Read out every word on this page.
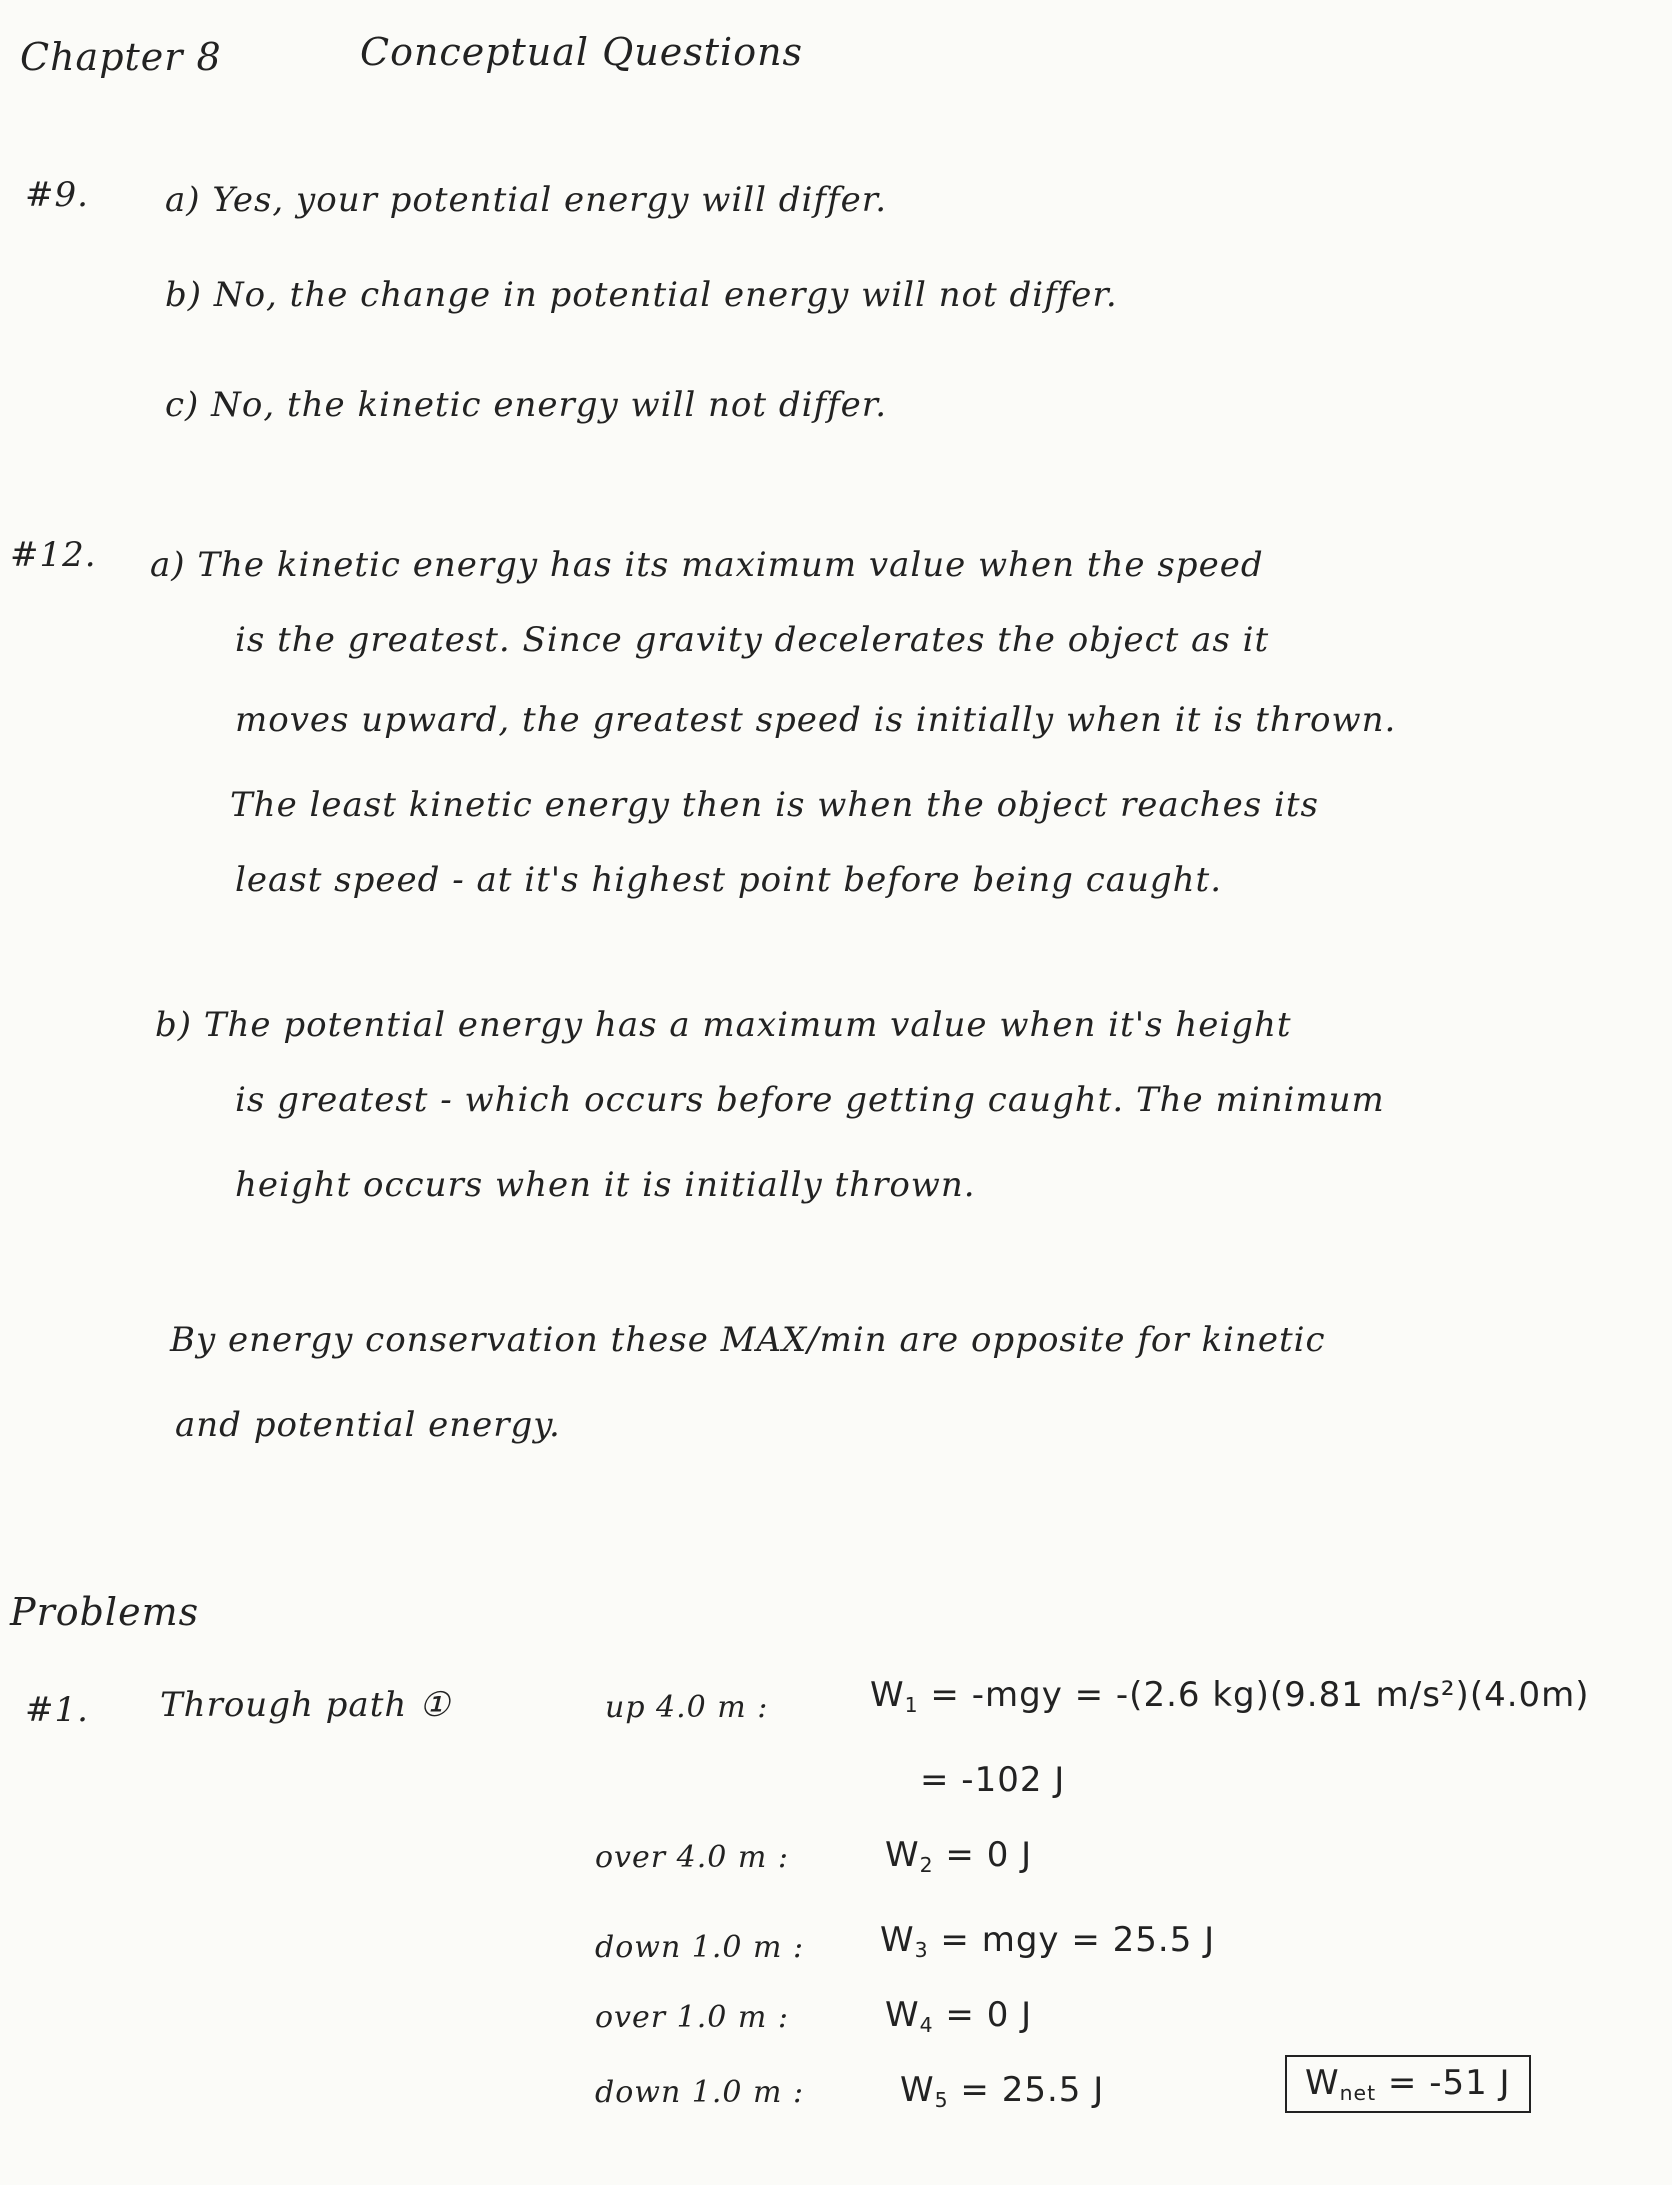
Chapter 8	Conceptual Questions
#9. a) Yes, your potential energy will differ.
b) No, the change in potential energy will not differ.
c) No, the kinetic energy will not differ.
#12. a) The kinetic energy has its maximum value when the speed
is the greatest. Since gravity decelerates the object as it
moves upward, the greatest speed is initially when it is thrown.
The least kinetic energy then is when the object reaches its
least speed - at it's highest point before being caught.
b) The potential energy has a maximum value when it's height
is greatest - which occurs before getting caught. The minimum
height occurs when it is initially thrown.
By energy conservation these MAX/min are opposite for kinetic
and potential energy.
Problems
#1. Through path ①	up 4.0 m :	$W_1 = -mgy = -(2.6$ kg)(9.81 m/s²)(4.0m)
= -102 J
over 4.0 m :	$W_2 = 0$ J
down 1.0 m : $W_3$ = mgy = 25.5 J
over 1.0 m :	$W_4 = 0$ J
down 1.0 m :	$W_5 = 25.5$ J	$W_{net} = -51$ J
